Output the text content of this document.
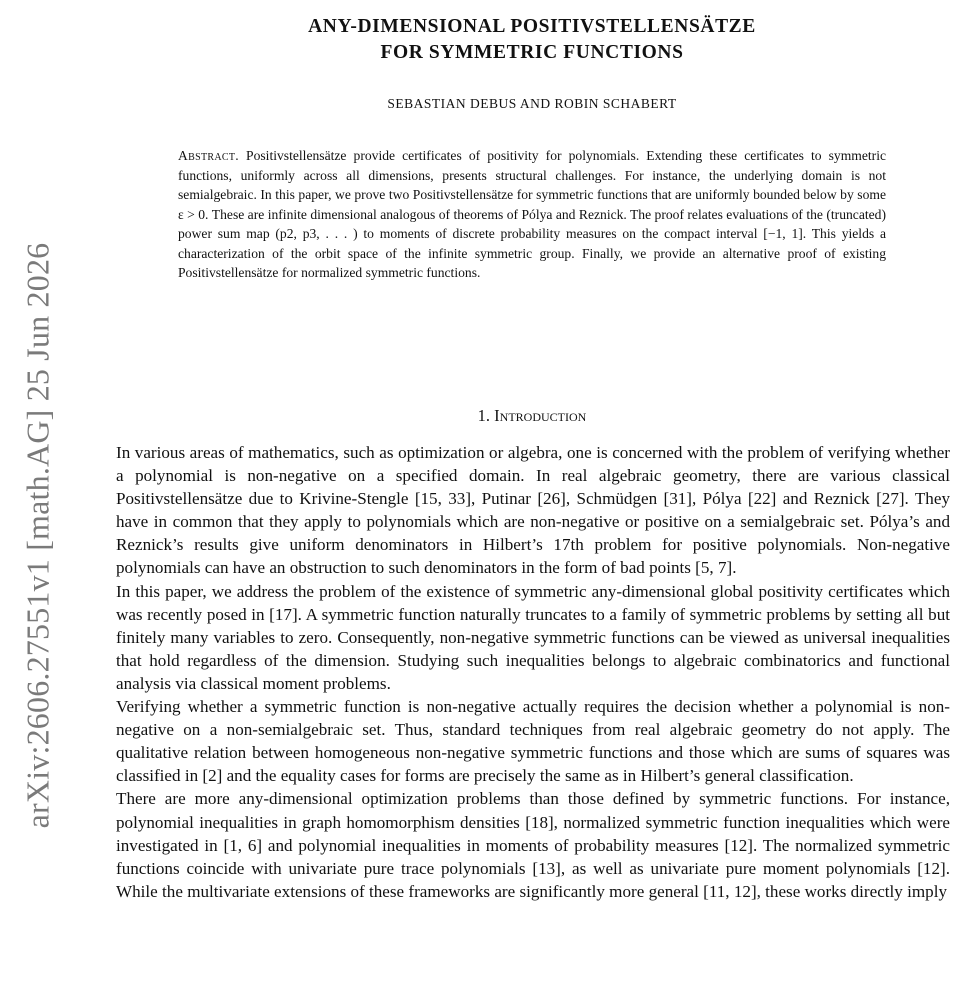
arXiv:2606.27551v1 [math.AG] 25 Jun 2026
ANY-DIMENSIONAL POSITIVSTELLENSÄTZE
FOR SYMMETRIC FUNCTIONS
SEBASTIAN DEBUS AND ROBIN SCHABERT
Abstract. Positivstellensätze provide certificates of positivity for polynomials. Extending these certificates to symmetric functions, uniformly across all dimensions, presents structural challenges. For instance, the underlying domain is not semialgebraic. In this paper, we prove two Positivstellensätze for symmetric functions that are uniformly bounded below by some ε > 0. These are infinite dimensional analogous of theorems of Pólya and Reznick. The proof relates evaluations of the (truncated) power sum map (p2, p3, . . . ) to moments of discrete probability measures on the compact interval [−1, 1]. This yields a characterization of the orbit space of the infinite symmetric group. Finally, we provide an alternative proof of existing Positivstellensätze for normalized symmetric functions.
1. Introduction

In various areas of mathematics, such as optimization or algebra, one is concerned with the problem of verifying whether a polynomial is non-negative on a specified domain. In real algebraic geometry, there are various classical Positivstellensätze due to Krivine-Stengle [15, 33], Putinar [26], Schmüdgen [31], Pólya [22] and Reznick [27]. They have in common that they apply to polynomials which are non-negative or positive on a semialgebraic set. Pólya’s and Reznick’s results give uniform denominators in Hilbert’s 17th problem for positive polynomials. Non-negative polynomials can have an obstruction to such denominators in the form of bad points [5, 7].

In this paper, we address the problem of the existence of symmetric any-dimensional global positivity certificates which was recently posed in [17]. A symmetric function naturally truncates to a family of symmetric problems by setting all but finitely many variables to zero. Consequently, non-negative symmetric functions can be viewed as universal inequalities that hold regardless of the dimension. Studying such inequalities belongs to algebraic combinatorics and functional analysis via classical moment problems.

Verifying whether a symmetric function is non-negative actually requires the decision whether a polynomial is non-negative on a non-semialgebraic set. Thus, standard techniques from real algebraic geometry do not apply. The qualitative relation between homogeneous non-negative symmetric functions and those which are sums of squares was classified in [2] and the equality cases for forms are precisely the same as in Hilbert’s general classification.

There are more any-dimensional optimization problems than those defined by symmetric functions. For instance, polynomial inequalities in graph homomorphism densities [18], normalized symmetric function inequalities which were investigated in [1, 6] and polynomial inequalities in moments of probability measures [12]. The normalized symmetric functions coincide with univariate pure trace polynomials [13], as well as univariate pure moment polynomials [12]. While the multivariate extensions of these frameworks are significantly more general [11, 12], these works directly imply
